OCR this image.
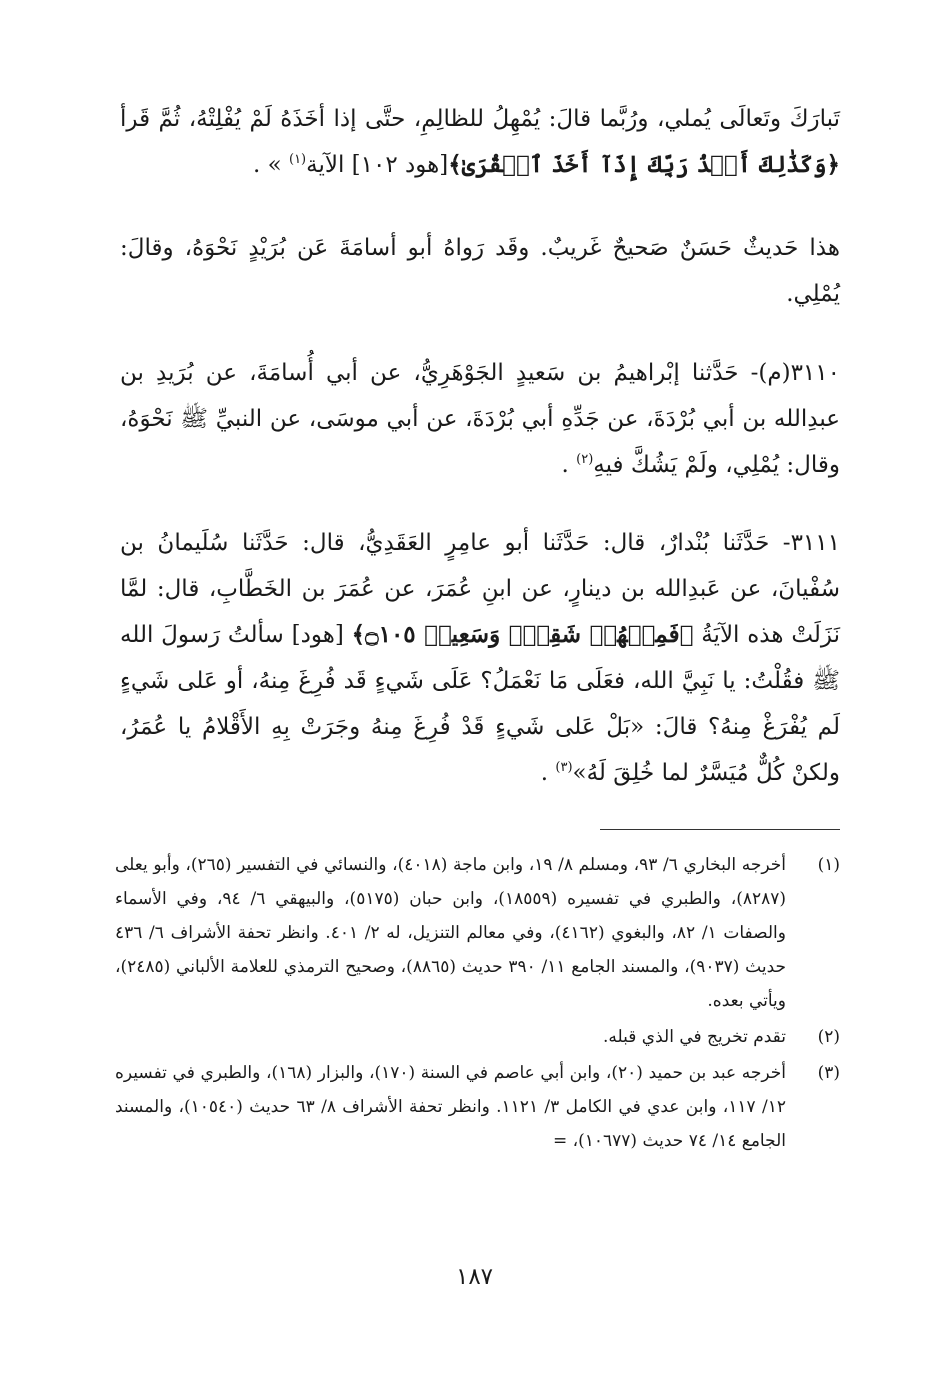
تَبارَكَ وتَعالَى يُملي، ورُبَّما قالَ: يُمْهِلُ للظالِمِ، حتَّى إذا أخَذَهُ لَمْ يُفْلِتْهُ، ثُمَّ قَرأ ﴿وَكَذَٰلِكَ أَخۡذُ رَبِّكَ إِذَآ أَخَذَ ٱلۡقُرَىٰ﴾[هود ١٠٢] الآية$^{(١)}$ » .

هذا حَديثٌ حَسَنٌ صَحيحٌ غَريبٌ. وقَد رَواهُ أبو أسامَةَ عَن بُرَيْدٍ نَحْوَهُ، وقالَ: يُمْلِي.

٣١١٠(م)- حَدَّثنا إبْراهيمُ بن سَعيدٍ الجَوْهَرِيُّ، عن أبي أُسامَةَ، عن بُرَيدِ بن عبدِالله بن أبي بُرْدَةَ، عن جَدِّهِ أبي بُرْدَةَ، عن أبي موسَى، عن النبيِّ ﷺ نَحْوَهُ، وقال: يُمْلِي، ولَمْ يَشُكَّ فيهِ$^{(٢)}$ .

٣١١١- حَدَّثَنا بُنْدارٌ، قال: حَدَّثَنا أبو عامِرٍ العَقَدِيُّ، قال: حَدَّثَنا سُلَيمانُ بن سُفْيانَ، عن عَبدِالله بن دينارٍ، عن ابنِ عُمَرَ، عن عُمَرَ بن الخَطَّابِ، قال: لمَّا نَزَلَتْ هذه الآيَةُ ﴿فَمِنۡهُمۡ شَقِيّٞ وَسَعِيدٞ ۝١٠٥﴾ [هود] سألتُ رَسولَ الله ﷺ فقُلْتُ: يا نَبِيَّ الله، فعَلَى مَا نَعْمَلُ؟ عَلَى شَيءٍ قَد فُرِغَ مِنهُ، أو عَلى شَيءٍ لَم يُفْرَغْ مِنهُ؟ قالَ: «بَلْ عَلى شَيءٍ قَدْ فُرِغَ مِنهُ وجَرَتْ بِهِ الأَقْلامُ يا عُمَرُ، ولكنْ كُلٌّ مُيَسَّرٌ لما خُلِقَ لَهُ»$^{(٣)}$ .

(١)
أخرجه البخاري ٦/ ٩٣، ومسلم ٨/ ١٩، وابن ماجة (٤٠١٨)، والنسائي في التفسير (٢٦٥)، وأبو يعلى (٨٢٨٧)، والطبري في تفسيره (١٨٥٥٩)، وابن حبان (٥١٧٥)، والبيهقي ٦/ ٩٤، وفي الأسماء والصفات ١/ ٨٢، والبغوي (٤١٦٢)، وفي معالم التنزيل، له ٢/ ٤٠١. وانظر تحفة الأشراف ٦/ ٤٣٦ حديث (٩٠٣٧)، والمسند الجامع ١١/ ٣٩٠ حديث (٨٨٦٥)، وصحيح الترمذي للعلامة الألباني (٢٤٨٥)، ويأتي بعده.
(٢)
تقدم تخريج في الذي قبله.
(٣)
أخرجه عبد بن حميد (٢٠)، وابن أبي عاصم في السنة (١٧٠)، والبزار (١٦٨)، والطبري في تفسيره ١٢/ ١١٧، وابن عدي في الكامل ٣/ ١١٢١. وانظر تحفة الأشراف ٨/ ٦٣ حديث (١٠٥٤٠)، والمسند الجامع ١٤/ ٧٤ حديث (١٠٦٧٧)، =
١٨٧
